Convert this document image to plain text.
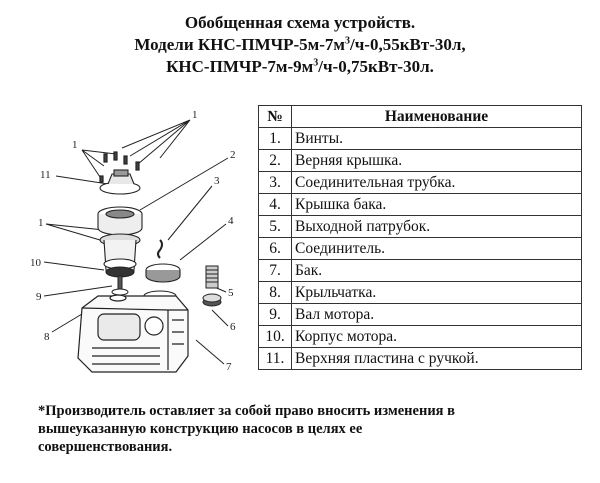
Обобщенная схема устройств.
Модели КНС-$ПМЧР-5м-7м^3/ч-0,55кВт-30л$,
КНС-$ПМЧР-7м-9м^3/ч-0,75кВт-30л$.
1
1
2
3
4
5
6
7
8
9
10
11
1
№	Наименование
1.	Винты.
2.	Верняя крышка.
3.	Соединительная трубка.
4.	Крышка бака.
5.	Выходной патрубок.
6.	Соединитель.
7.	Бак.
8.	Крыльчатка.
9.	Вал мотора.
10.	Корпус мотора.
11.	Верхняя пластина с ручкой.
*Производитель оставляет за собой право вносить изменения в
вышеуказанную конструкцию насосов в целях ее
совершенствования.
